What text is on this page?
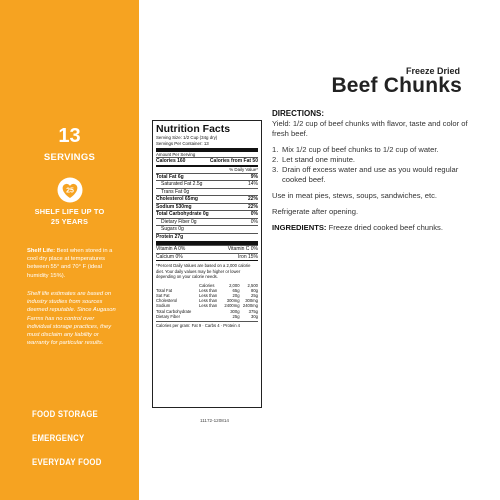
13
SERVINGS
25
SHELF LIFE UP TO
25 YEARS
Shelf Life: Best when stored in a cool dry place at temperatures between 55° and 70° F (ideal humidity 15%).
Shelf life estimates are based on industry studies from sources deemed reputable. Since Augason Farms has no control over individual storage practices, they must disclaim any liability or warranty for particular results.
FOOD STORAGE
EMERGENCY
EVERYDAY FOOD
Freeze Dried
Beef Chunks
Nutrition Facts
Serving Size: 1/2 Cup (34g dry)
Servings Per Container: 13
Amount Per Serving
Calories 160	Calories from Fat 50
% Daily Value*
Total Fat 6g	9%
Saturated Fat 2.5g	14%
Trans Fat 0g
Cholesterol 65mg	22%
Sodium 530mg	22%
Total Carbohydrate 0g	0%
Dietary Fiber 0g	0%
Sugars 0g
Protein 27g
Vitamin A 0%	Vitamin C 0%
Calcium 0%	Iron 15%
*Percent Daily Values are based on a 2,000 calorie diet. Your daily values may be higher or lower depending on your calorie needs.
	Calories	2,000	2,500
Total Fat	Less than	65g	80g
Sat Fat	Less than	20g	25g
Cholesterol	Less than	300mg	300mg
Sodium	Less than	2400mg	2400mg
Total Carbohydrate		300g	375g
Dietary Fiber		25g	30g
Calories per gram: Fat 9 · Carbs 4 · Protein 4
11172-120814
DIRECTIONS:

Yield: 1/2 cup of beef chunks with flavor, taste and color of fresh beef.

1. Mix 1/2 cup of beef chunks to 1/2 cup of water.
2. Let stand one minute.
3. Drain off excess water and use as you would regular cooked beef.

Use in meat pies, stews, soups, sandwiches, etc.

Refrigerate after opening.

INGREDIENTS: Freeze dried cooked beef chunks.
